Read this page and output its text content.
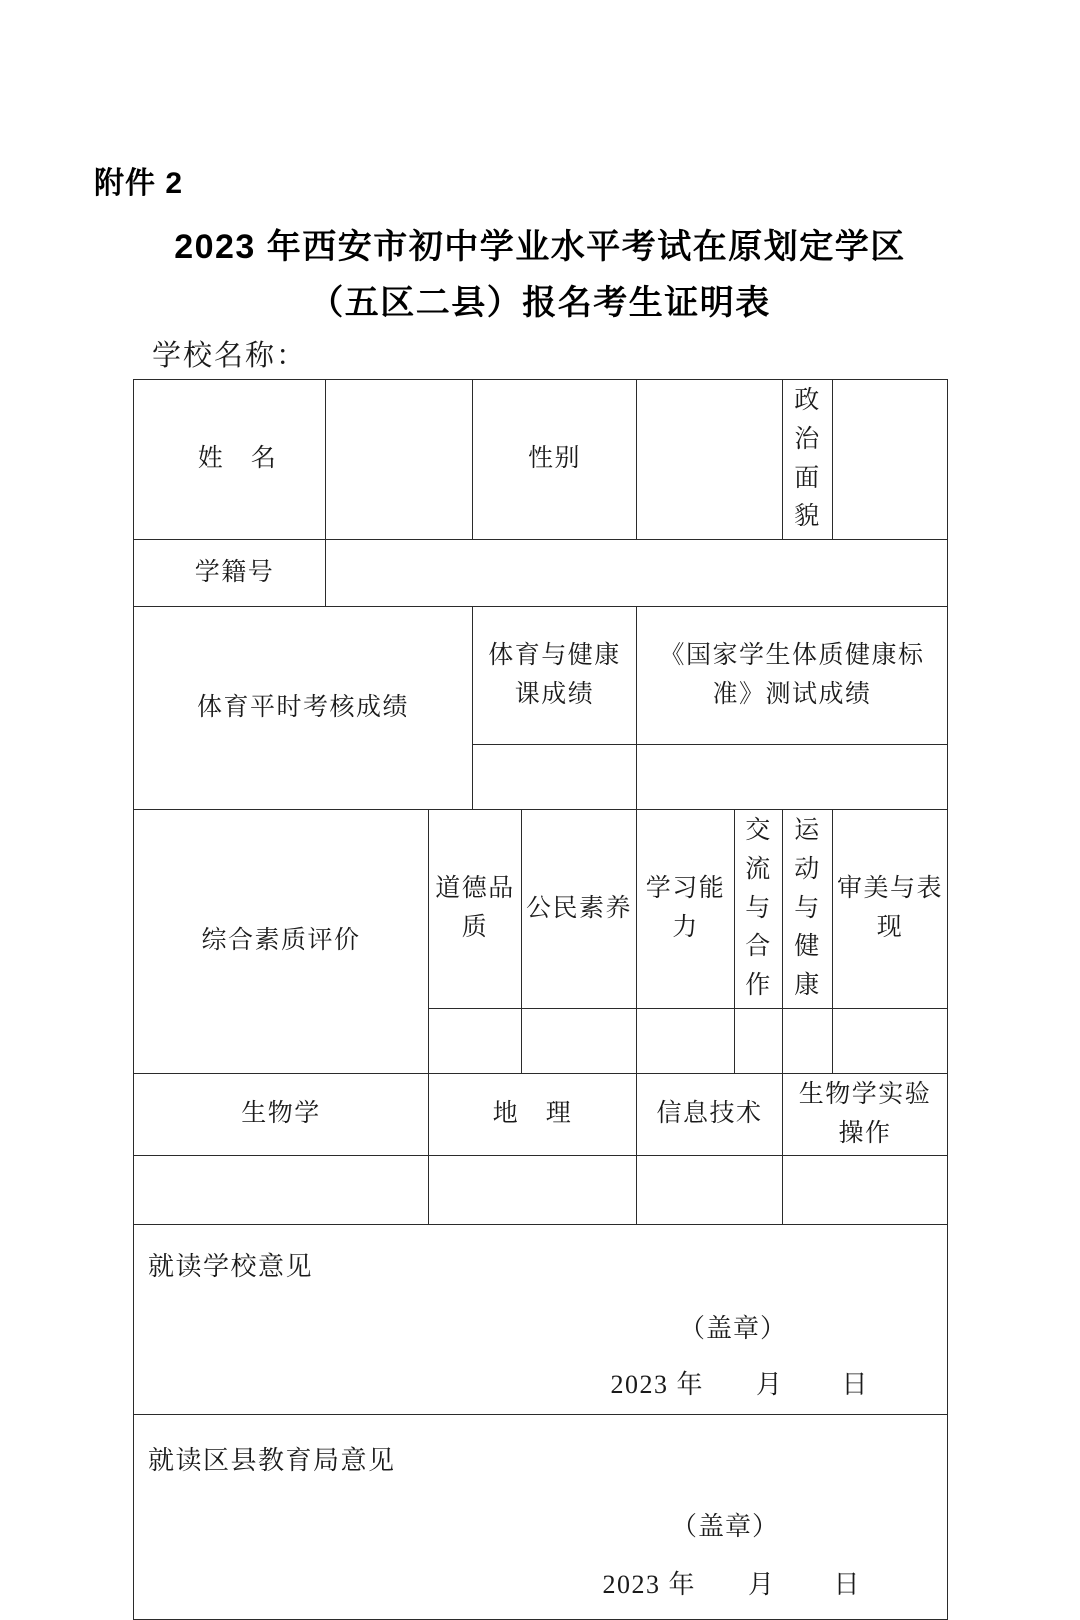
附件 2
2023 年西安市初中学业水平考试在原划定学区
（五区二县）报名考生证明表
学校名称：
姓　名			性别				政治面貌	
学籍号								
体育平时考核成绩			体育与健康课成绩		《国家学生体质健康标准》测试成绩			

综合素质评价		道德品质		公民素养	学习能力	交流与合作	运动与健康	审美与表现

生物学		地　理			信息技术		生物学实验操作	

就读学校意见
（盖章）
2023 年 月 日								

就读区县教育局意见
（盖章）
2023 年 月 日								
